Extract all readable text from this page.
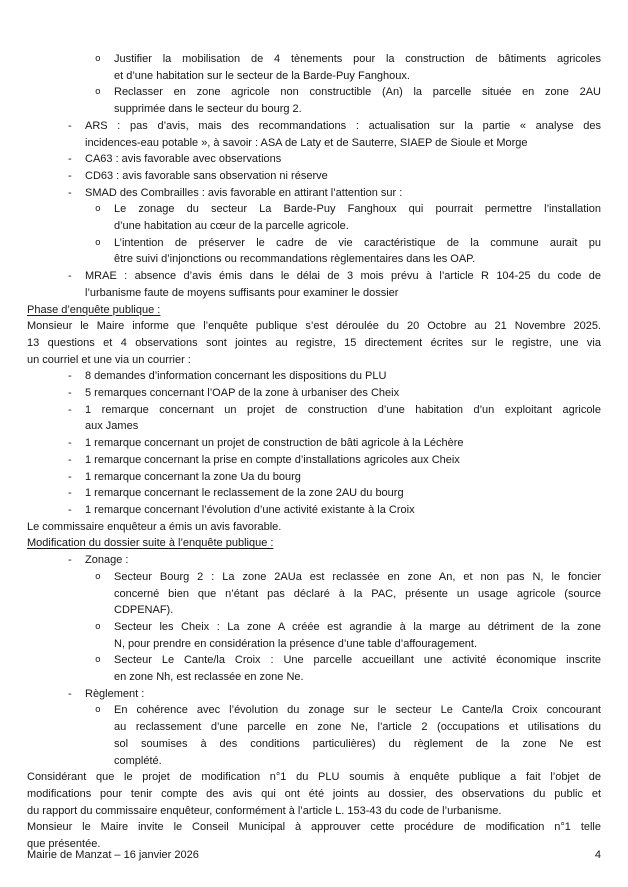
o Justifier la mobilisation de 4 tènements pour la construction de bâtiments agricoles
et d’une habitation sur le secteur de la Barde-Puy Fanghoux.
o Reclasser en zone agricole non constructible (An) la parcelle située en zone 2AU
supprimée dans le secteur du bourg 2.
- ARS : pas d’avis, mais des recommandations : actualisation sur la partie « analyse des
incidences-eau potable », à savoir : ASA de Laty et de Sauterre, SIAEP de Sioule et Morge
- CA63 : avis favorable avec observations
- CD63 : avis favorable sans observation ni réserve
- SMAD des Combrailles : avis favorable en attirant l’attention sur :
o Le zonage du secteur La Barde-Puy Fanghoux qui pourrait permettre l’installation
d’une habitation au cœur de la parcelle agricole.
o L’intention de préserver le cadre de vie caractéristique de la commune aurait pu
être suivi d’injonctions ou recommandations règlementaires dans les OAP.
- MRAE : absence d’avis émis dans le délai de 3 mois prévu à l’article R 104-25 du code de
l’urbanisme faute de moyens suffisants pour examiner le dossier
Phase d’enquête publique :
Monsieur le Maire informe que l’enquête publique s’est déroulée du 20 Octobre au 21 Novembre 2025.
13 questions et 4 observations sont jointes au registre, 15 directement écrites sur le registre, une via
un courriel et une via un courrier :
- 8 demandes d’information concernant les dispositions du PLU
- 5 remarques concernant l’OAP de la zone à urbaniser des Cheix
- 1 remarque concernant un projet de construction d’une habitation d’un exploitant agricole
aux James
- 1 remarque concernant un projet de construction de bâti agricole à la Léchère
- 1 remarque concernant la prise en compte d’installations agricoles aux Cheix
- 1 remarque concernant la zone Ua du bourg
- 1 remarque concernant le reclassement de la zone 2AU du bourg
- 1 remarque concernant l’évolution d’une activité existante à la Croix
Le commissaire enquêteur a émis un avis favorable.
Modification du dossier suite à l’enquête publique :
- Zonage :
o Secteur Bourg 2 : La zone 2AUa est reclassée en zone An, et non pas N, le foncier
concerné bien que n’étant pas déclaré à la PAC, présente un usage agricole (source
CDPENAF).
o Secteur les Cheix : La zone A créée est agrandie à la marge au détriment de la zone
N, pour prendre en considération la présence d’une table d’affouragement.
o Secteur Le Cante/la Croix : Une parcelle accueillant une activité économique inscrite
en zone Nh, est reclassée en zone Ne.
- Règlement :
o En cohérence avec l’évolution du zonage sur le secteur Le Cante/la Croix concourant
au reclassement d’une parcelle en zone Ne, l’article 2 (occupations et utilisations du
sol soumises à des conditions particulières) du règlement de la zone Ne est
complété.
Considérant que le projet de modification n°1 du PLU soumis à enquête publique a fait l’objet de
modifications pour tenir compte des avis qui ont été joints au dossier, des observations du public et
du rapport du commissaire enquêteur, conformément à l’article L. 153-43 du code de l’urbanisme.
Monsieur le Maire invite le Conseil Municipal à approuver cette procédure de modification n°1 telle
que présentée.
Mairie de Manzat – 16 janvier 2026	4
